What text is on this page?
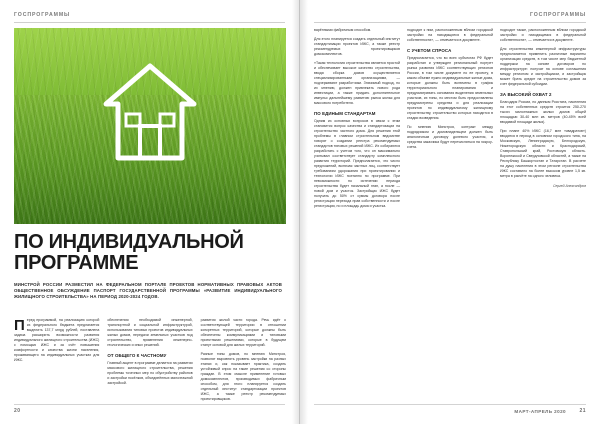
ГОСПРОГРАММЫ
ПО ИНДИВИДУАЛЬНОЙ
ПРОГРАММЕ
МИНСТРОЙ РОССИИ РАЗМЕСТИЛ НА ФЕДЕРАЛЬНОМ ПОРТАЛЕ ПРОЕКТОВ НОРМАТИВНЫХ ПРАВОВЫХ АКТОВ ОБЩЕСТВЕННОЕ ОБСУЖДЕНИЕ ПАСПОРТ ГОСУДАРСТВЕННОЙ ПРОГРАММЫ «РАЗВИТИЕ ИНДИВИДУАЛЬНОГО ЖИЛИЩНОГО СТРОИТЕЛЬСТВА» НА ПЕРИОД 2020-2024 ГОДОВ.

Перед программой, на реализацию которой из федерального бюджета предлагается выделить 137,7 млрд рублей, поставлена задача расширить возможности развития индивидуального жилищного строительства (ИЖС) с помощью ИЖС и за счёт повышения комфортности и качества жизни населения, проживающего на индивидуальных участках для ИЖС.

обеспечения необходимой инженерной, транспортной и социальной инфраструктурой, использования типовых проектов индивидуальных жилых домов, передачи земельных участков под строительство, применения инженерно-геологических и иных решений.

ОТ ОБЩЕГО К ЧАСТНОМУ

Главный акцент в программе делается на развитии массового жилищного строительства, решения проблемы точечных мер по обустройству районов и застройки посёлков, объединённых малоэтажной застройкой.

развития жилой части города. Речь идёт о соответствующей территории в отношении конкретных территорий, которые должны быть обеспечены коммуникациями и типовыми проектными решениями, которые в будущем станут основой для жилых территорий.

Разные типы домов, по мнению Минстроя, позволят выровнять уровень застройки на разных этапах и, как показывает практика, создать устойчивый спрос на такие решения со стороны граждан. В этом смысле применение готовых домокомплектов, производимых фабричным способом, для этого планируется создать отдельный институт стандартизации проектов ИЖС, а также реестр рекомендуемых проектировщиков.

20
ГОСПРОГРАММЫ

варёнными фабричным способом.

Для этого планируется создать отдельный институт стандартизации проектов ИЖС, а также реестр рекомендуемых проектировщиков домокомплектов.

«Такая технология строительства является простой и обеспечивает высокое качество строительства, вводя сборка домов осуществляется специализированными организациями, — подчеркивают разработчики. Значимый подход, по их мнению, должен привлекать нового рода инвестиции, а также придать дополнительное импульс дальнейшему развитию рынка жилья для массового потребителя.

ПО ЕДИНЫМ СТАНДАРТАМ

Одним из основных вопросов в связи с этим становится вопрос качества и стандартизации на строительство частного дома. Для решения этой проблемы в главном строительном ведомстве говорят о создании реестра рекомендуемых стандартов типовых решений ИЖС. Их собираются разработать с учетом того, что он максимально учитывал соответствует стандарту комплексного развития территорий. Предполагается, что число предложений, включая частных лиц, соответствует требованиям удорожания при проектировании и технологии ИЖС поэтапно по программе. При невозможности по истечении периода строительства будет начальный этап, а после — новой дом и участок. Застройщик ИЖС будет получать до 50% от суммы договора после регистрации перехода прав собственности и после регистрации, но и площадь дома и участка.

подходят к ним, расположенным вблизи городской застройки на находящиеся в федеральной собственности», — отмечается в документе.

С УЧЕТОМ СПРОСА

Предполагается, что во всех субъектах РФ будет разработан и утвержден региональный портрет рынка развития ИЖС соответствующих регионов России, в том числе документ по ее проекту, в каком объеме нужно индивидуальные жилые дома, которые должны быть включены в график территориального планирования и предусматривать основания выделения земельных участков, их типы, но местом быть предоставлены предусмотрены средства и для реализации проектов по индивидуальному жилищному строительству, строительство которых находится в стадии возведения.

По мнению Минстроя, контракт между подрядчиком и домовладельцем должен быть аналогичным договору долевого участия, а средства заказчика будут перечисляться на эскроу-счета.

подходит также, расположенным вблизи городской застройки и находящимся в федеральной собственности», — отмечается в документе.

Для строительства инженерной инфраструктуры предполагается применить различные варианты организации средств, в том числе мер бюджетной поддержки на основе договоров по инфраструктуре: получат на основе соглашения между регионом и застройщиком, и застройщик может брать кредит на строительство домов за счет федеральной субсидии.

ЗА ВЫСОКИЙ ОХВАТ 2

Благодаря России, по данным Росстата, населения на этот собственных средств строится 250-270 тысяч малоэтажных жилых домов общей площадью 30-40 млн кв. метров (40-45% всей вводимой площади жилья).

При плане 40% ИЖС (16,7 млн «квадратов») вводятся в период в основном городского типа, на Московскую, Ленинградскую, Белгородскую, Нижегородскую области и Краснодарский, Ставропольский край, Ростовскую область. Воронежской и Свердловской областей, а также на Республику Башкортостан и Татарстан. В расчете на душу населения в этом регионе строительства ИЖС составило на более высоком уровне 1,5 кв. метра в расчёте на одного человека.

Сергей Александров
МАРТ-АПРЕЛЬ 2020	21
